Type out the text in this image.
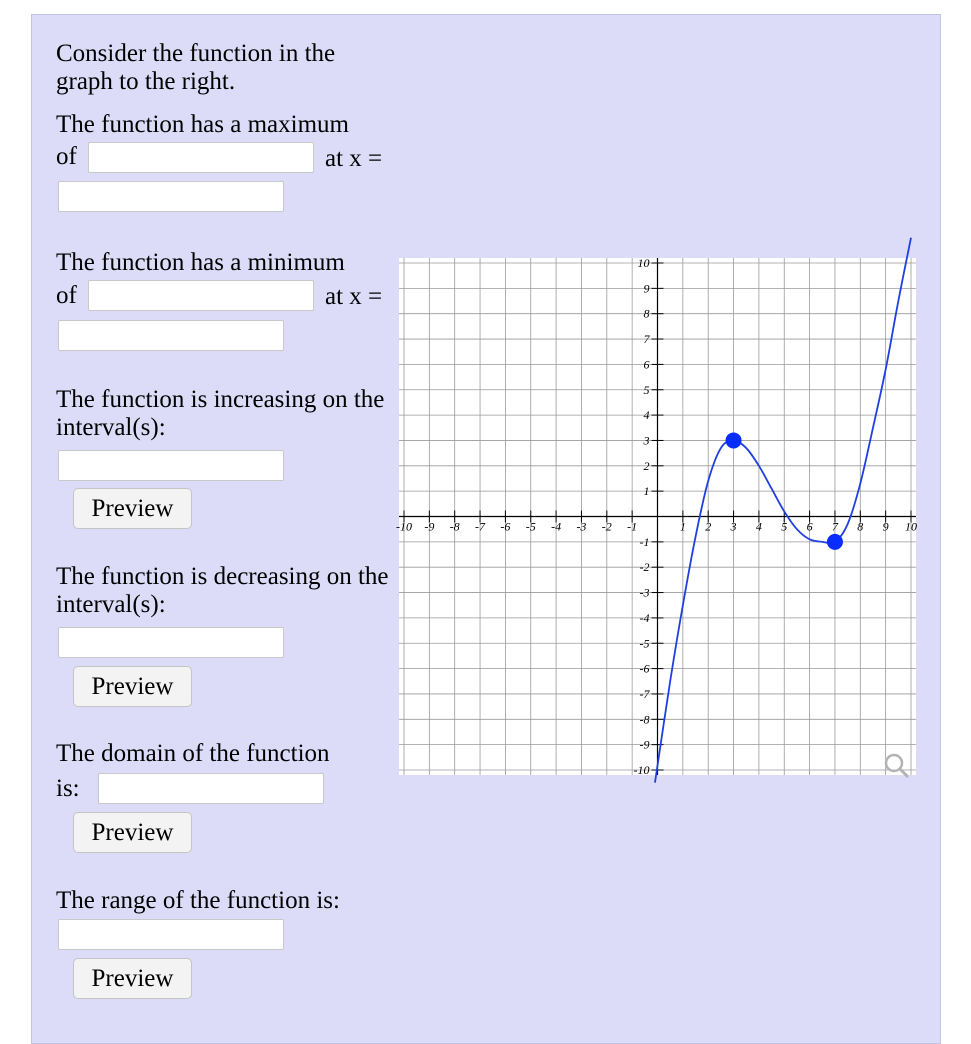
Consider the function in the graph to the right.
The function has a maximum
of	at x =
The function has a minimum
of	at x =
The function is increasing on the interval(s):
Preview
The function is decreasing on the interval(s):
Preview
The domain of the function
is:
Preview
The range of the function is:
Preview
-10 -9 -8 -7 -6 -5 -4 -3 -2 -1	1 2 3 4 5 6 7 8 9 10
-10
-9
-8
-7
-6
-5
-4
-3
-2
-1
1
2
3
4
5
6
7
8
9
10
